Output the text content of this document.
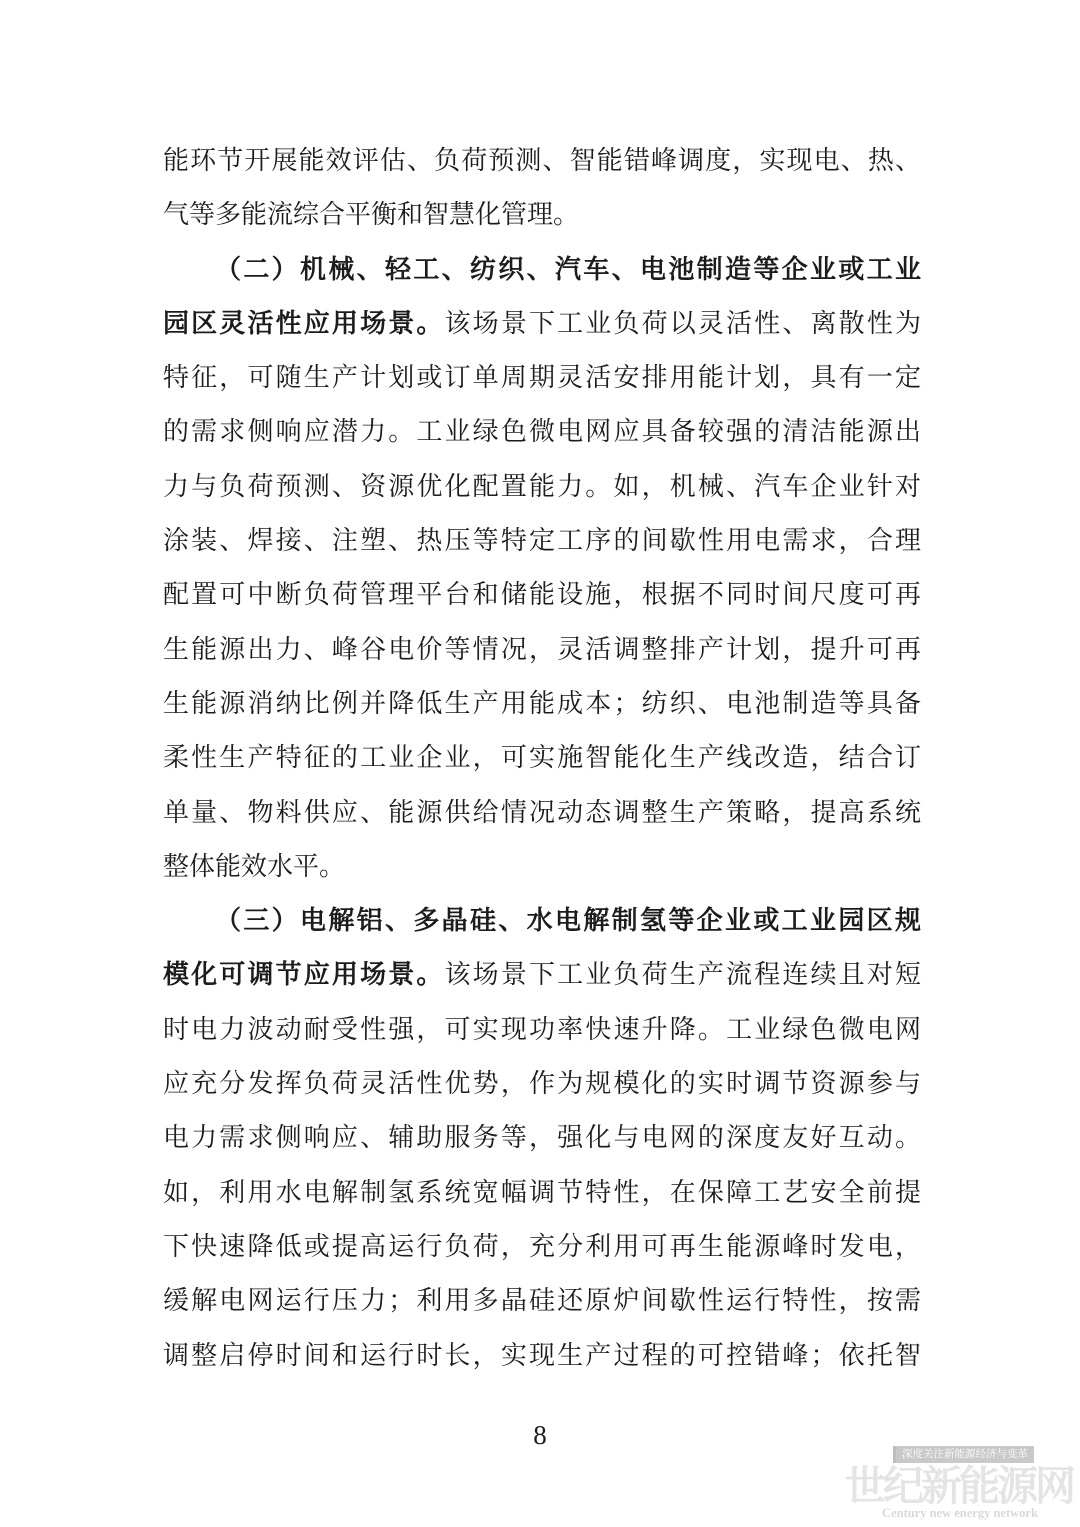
能环节开展能效评估、负荷预测、智能错峰调度，实现电、热、
气等多能流综合平衡和智慧化管理。
（二）机械、轻工、纺织、汽车、电池制造等企业或工业
园区灵活性应用场景。该场景下工业负荷以灵活性、离散性为
特征，可随生产计划或订单周期灵活安排用能计划，具有一定
的需求侧响应潜力。工业绿色微电网应具备较强的清洁能源出
力与负荷预测、资源优化配置能力。如，机械、汽车企业针对
涂装、焊接、注塑、热压等特定工序的间歇性用电需求，合理
配置可中断负荷管理平台和储能设施，根据不同时间尺度可再
生能源出力、峰谷电价等情况，灵活调整排产计划，提升可再
生能源消纳比例并降低生产用能成本；纺织、电池制造等具备
柔性生产特征的工业企业，可实施智能化生产线改造，结合订
单量、物料供应、能源供给情况动态调整生产策略，提高系统
整体能效水平。
（三）电解铝、多晶硅、水电解制氢等企业或工业园区规
模化可调节应用场景。该场景下工业负荷生产流程连续且对短
时电力波动耐受性强，可实现功率快速升降。工业绿色微电网
应充分发挥负荷灵活性优势，作为规模化的实时调节资源参与
电力需求侧响应、辅助服务等，强化与电网的深度友好互动。
如，利用水电解制氢系统宽幅调节特性，在保障工艺安全前提
下快速降低或提高运行负荷，充分利用可再生能源峰时发电，
缓解电网运行压力；利用多晶硅还原炉间歇性运行特性，按需
调整启停时间和运行时长，实现生产过程的可控错峰；依托智
8
深度关注新能源经济与变革
世纪新能源网
Century new energy network
